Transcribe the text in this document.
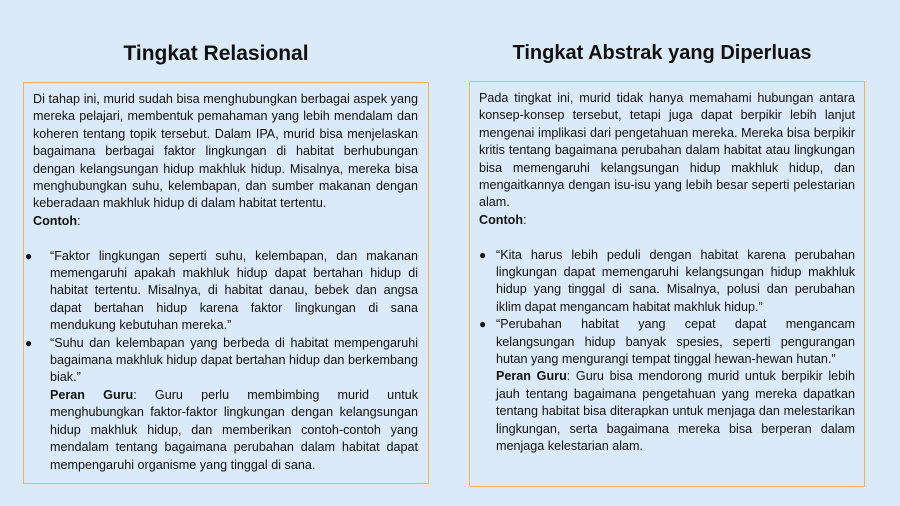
Tingkat Relasional	Tingkat Abstrak yang Diperluas

Di tahap ini, murid sudah bisa menghubungkan berbagai aspek yang mereka pelajari, membentuk pemahaman yang lebih mendalam dan koheren tentang topik tersebut. Dalam IPA, murid bisa menjelaskan bagaimana berbagai faktor lingkungan di habitat berhubungan dengan kelangsungan hidup makhluk hidup. Misalnya, mereka bisa menghubungkan suhu, kelembapan, dan sumber makanan dengan keberadaan makhluk hidup di dalam habitat tertentu.

Contoh:

● “Faktor lingkungan seperti suhu, kelembapan, dan makanan memengaruhi apakah makhluk hidup dapat bertahan hidup di habitat tertentu. Misalnya, di habitat danau, bebek dan angsa dapat bertahan hidup karena faktor lingkungan di sana mendukung kebutuhan mereka.”
● “Suhu dan kelembapan yang berbeda di habitat mempengaruhi bagaimana makhluk hidup dapat bertahan hidup dan berkembang biak.”
Peran Guru: Guru perlu membimbing murid untuk menghubungkan faktor-faktor lingkungan dengan kelangsungan hidup makhluk hidup, dan memberikan contoh-contoh yang mendalam tentang bagaimana perubahan dalam habitat dapat mempengaruhi organisme yang tinggal di sana.

Pada tingkat ini, murid tidak hanya memahami hubungan antara konsep-konsep tersebut, tetapi juga dapat berpikir lebih lanjut mengenai implikasi dari pengetahuan mereka. Mereka bisa berpikir kritis tentang bagaimana perubahan dalam habitat atau lingkungan bisa memengaruhi kelangsungan hidup makhluk hidup, dan mengaitkannya dengan isu-isu yang lebih besar seperti pelestarian alam.

Contoh:

● “Kita harus lebih peduli dengan habitat karena perubahan lingkungan dapat memengaruhi kelangsungan hidup makhluk hidup yang tinggal di sana. Misalnya, polusi dan perubahan iklim dapat mengancam habitat makhluk hidup.”
● “Perubahan habitat yang cepat dapat mengancam kelangsungan hidup banyak spesies, seperti pengurangan hutan yang mengurangi tempat tinggal hewan-hewan hutan.”
Peran Guru: Guru bisa mendorong murid untuk berpikir lebih jauh tentang bagaimana pengetahuan yang mereka dapatkan tentang habitat bisa diterapkan untuk menjaga dan melestarikan lingkungan, serta bagaimana mereka bisa berperan dalam menjaga kelestarian alam.
